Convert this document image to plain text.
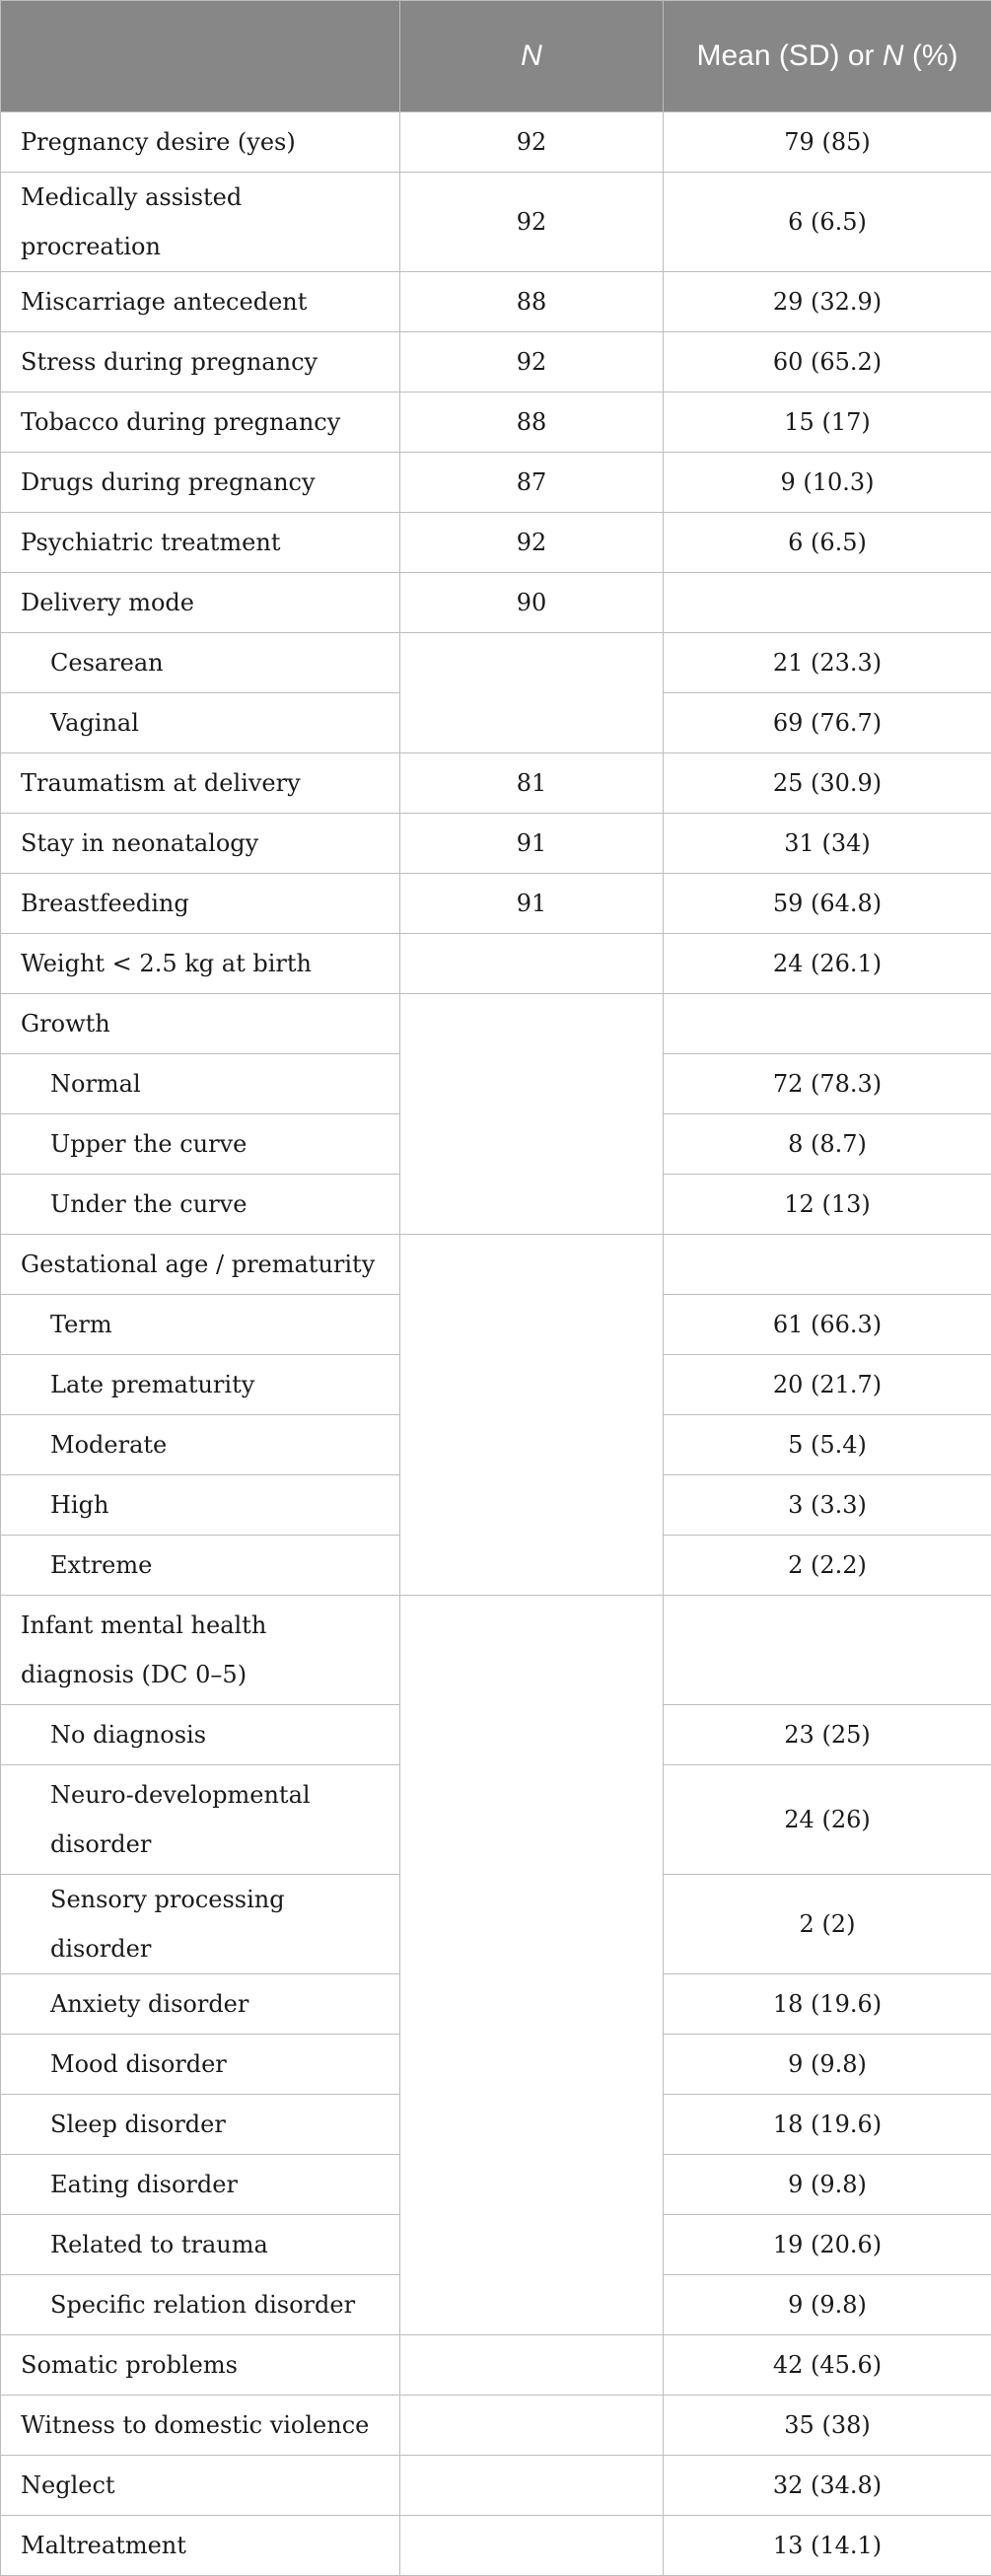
	N	Mean (SD) or N (%)
Pregnancy desire (yes)	92	79 (85)
Medically assisted procreation	92	6 (6.5)
Miscarriage antecedent	88	29 (32.9)
Stress during pregnancy	92	60 (65.2)
Tobacco during pregnancy	88	15 (17)
Drugs during pregnancy	87	9 (10.3)
Psychiatric treatment	92	6 (6.5)
Delivery mode	90	
Cesarean		21 (23.3)
Vaginal		69 (76.7)
Traumatism at delivery	81	25 (30.9)
Stay in neonatalogy	91	31 (34)
Breastfeeding	91	59 (64.8)
Weight < 2.5 kg at birth		24 (26.1)
Growth		
Normal		72 (78.3)
Upper the curve		8 (8.7)
Under the curve		12 (13)
Gestational age / prematurity		
Term		61 (66.3)
Late prematurity		20 (21.7)
Moderate		5 (5.4)
High		3 (3.3)
Extreme		2 (2.2)
Infant mental health diagnosis (DC 0–5)		
No diagnosis		23 (25)
Neuro-developmental disorder		24 (26)
Sensory processing disorder		2 (2)
Anxiety disorder		18 (19.6)
Mood disorder		9 (9.8)
Sleep disorder		18 (19.6)
Eating disorder		9 (9.8)
Related to trauma		19 (20.6)
Specific relation disorder		9 (9.8)
Somatic problems		42 (45.6)
Witness to domestic violence		35 (38)
Neglect		32 (34.8)
Maltreatment		13 (14.1)
